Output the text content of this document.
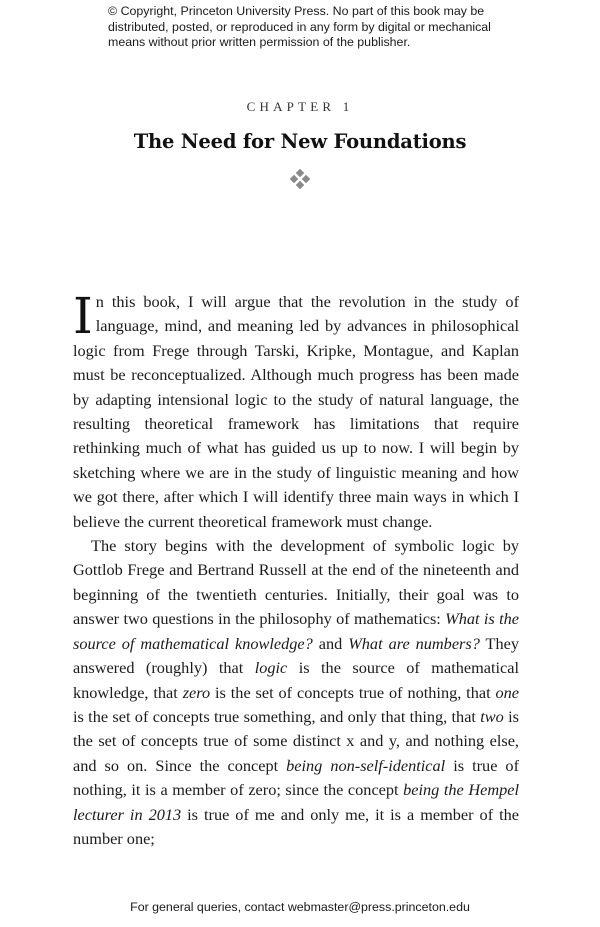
© Copyright, Princeton University Press. No part of this book may be distributed, posted, or reproduced in any form by digital or mechanical means without prior written permission of the publisher.
CHAPTER 1
The Need for New Foundations

In this book, I will argue that the revolution in the study of language, mind, and meaning led by advances in philosophical logic from Frege through Tarski, Kripke, Montague, and Kaplan must be reconceptualized. Although much progress has been made by adapting intensional logic to the study of natural language, the resulting theoretical framework has limitations that require rethinking much of what has guided us up to now. I will begin by sketching where we are in the study of linguistic meaning and how we got there, after which I will identify three main ways in which I believe the current theoretical framework must change.

The story begins with the development of symbolic logic by Gottlob Frege and Bertrand Russell at the end of the nineteenth and beginning of the twentieth centuries. Initially, their goal was to answer two questions in the philosophy of mathematics: What is the source of mathematical knowledge? and What are numbers? They answered (roughly) that logic is the source of mathematical knowledge, that zero is the set of concepts true of nothing, that one is the set of concepts true something, and only that thing, that two is the set of concepts true of some distinct x and y, and nothing else, and so on. Since the concept being non-self-identical is true of nothing, it is a member of zero; since the concept being the Hempel lecturer in 2013 is true of me and only me, it is a member of the number one;

For general queries, contact webmaster@press.princeton.edu
